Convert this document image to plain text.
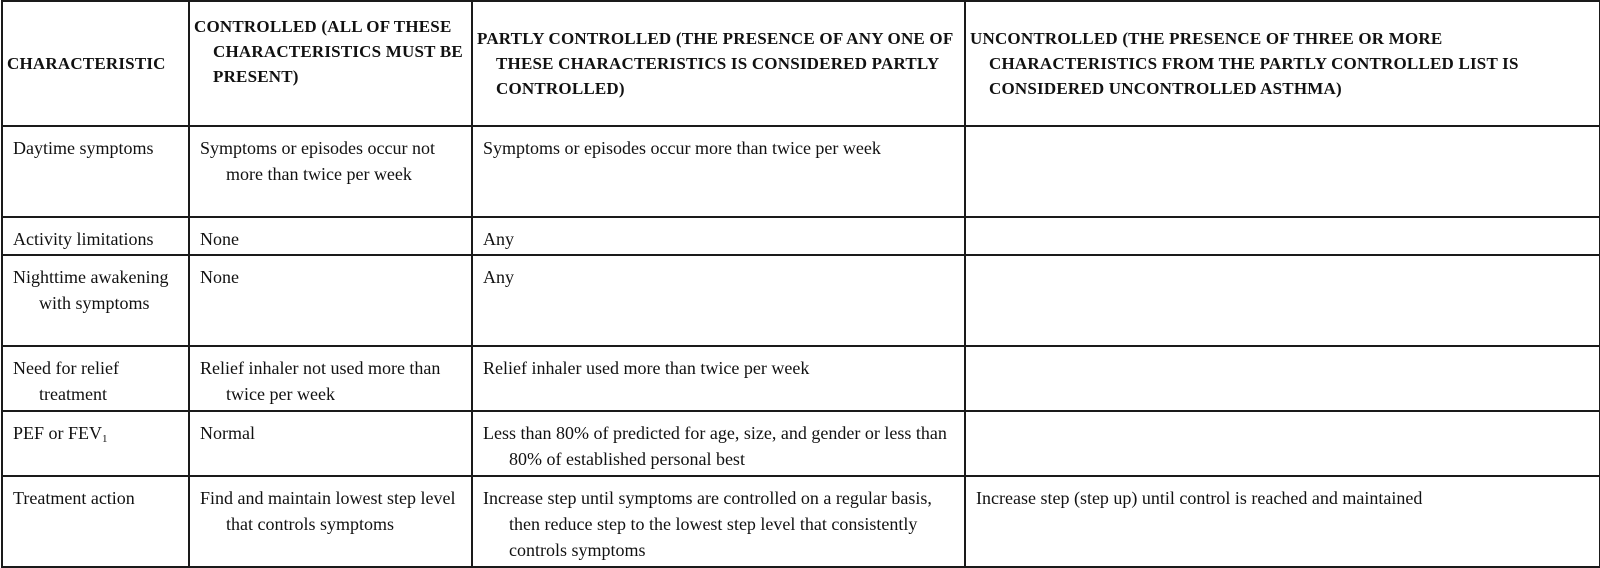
CHARACTERISTIC	CONTROLLED (ALL OF THESE CHARACTERISTICS MUST BE PRESENT)	PARTLY CONTROLLED (THE PRESENCE OF ANY ONE OF THESE CHARACTERISTICS IS CONSIDERED PARTLY CONTROLLED)	UNCONTROLLED (THE PRESENCE OF THREE OR MORE CHARACTERISTICS FROM THE PARTLY CONTROLLED LIST IS CONSIDERED UNCONTROLLED ASTHMA)

Daytime symptoms	Symptoms or episodes occur not more than twice per week	Symptoms or episodes occur more than twice per week	

Activity limitations	None	Any	

Nighttime awakening with symptoms	None	Any	

Need for relief treatment	Relief inhaler not used more than twice per week	Relief inhaler used more than twice per week	

PEF or $FEV_1$	Normal	Less than 80% of predicted for age, size, and gender or less than 80% of established personal best	

Treatment action	Find and maintain lowest step level that controls symptoms	Increase step until symptoms are controlled on a regular basis, then reduce step to the lowest step level that consistently controls symptoms	Increase step (step up) until control is reached and maintained
